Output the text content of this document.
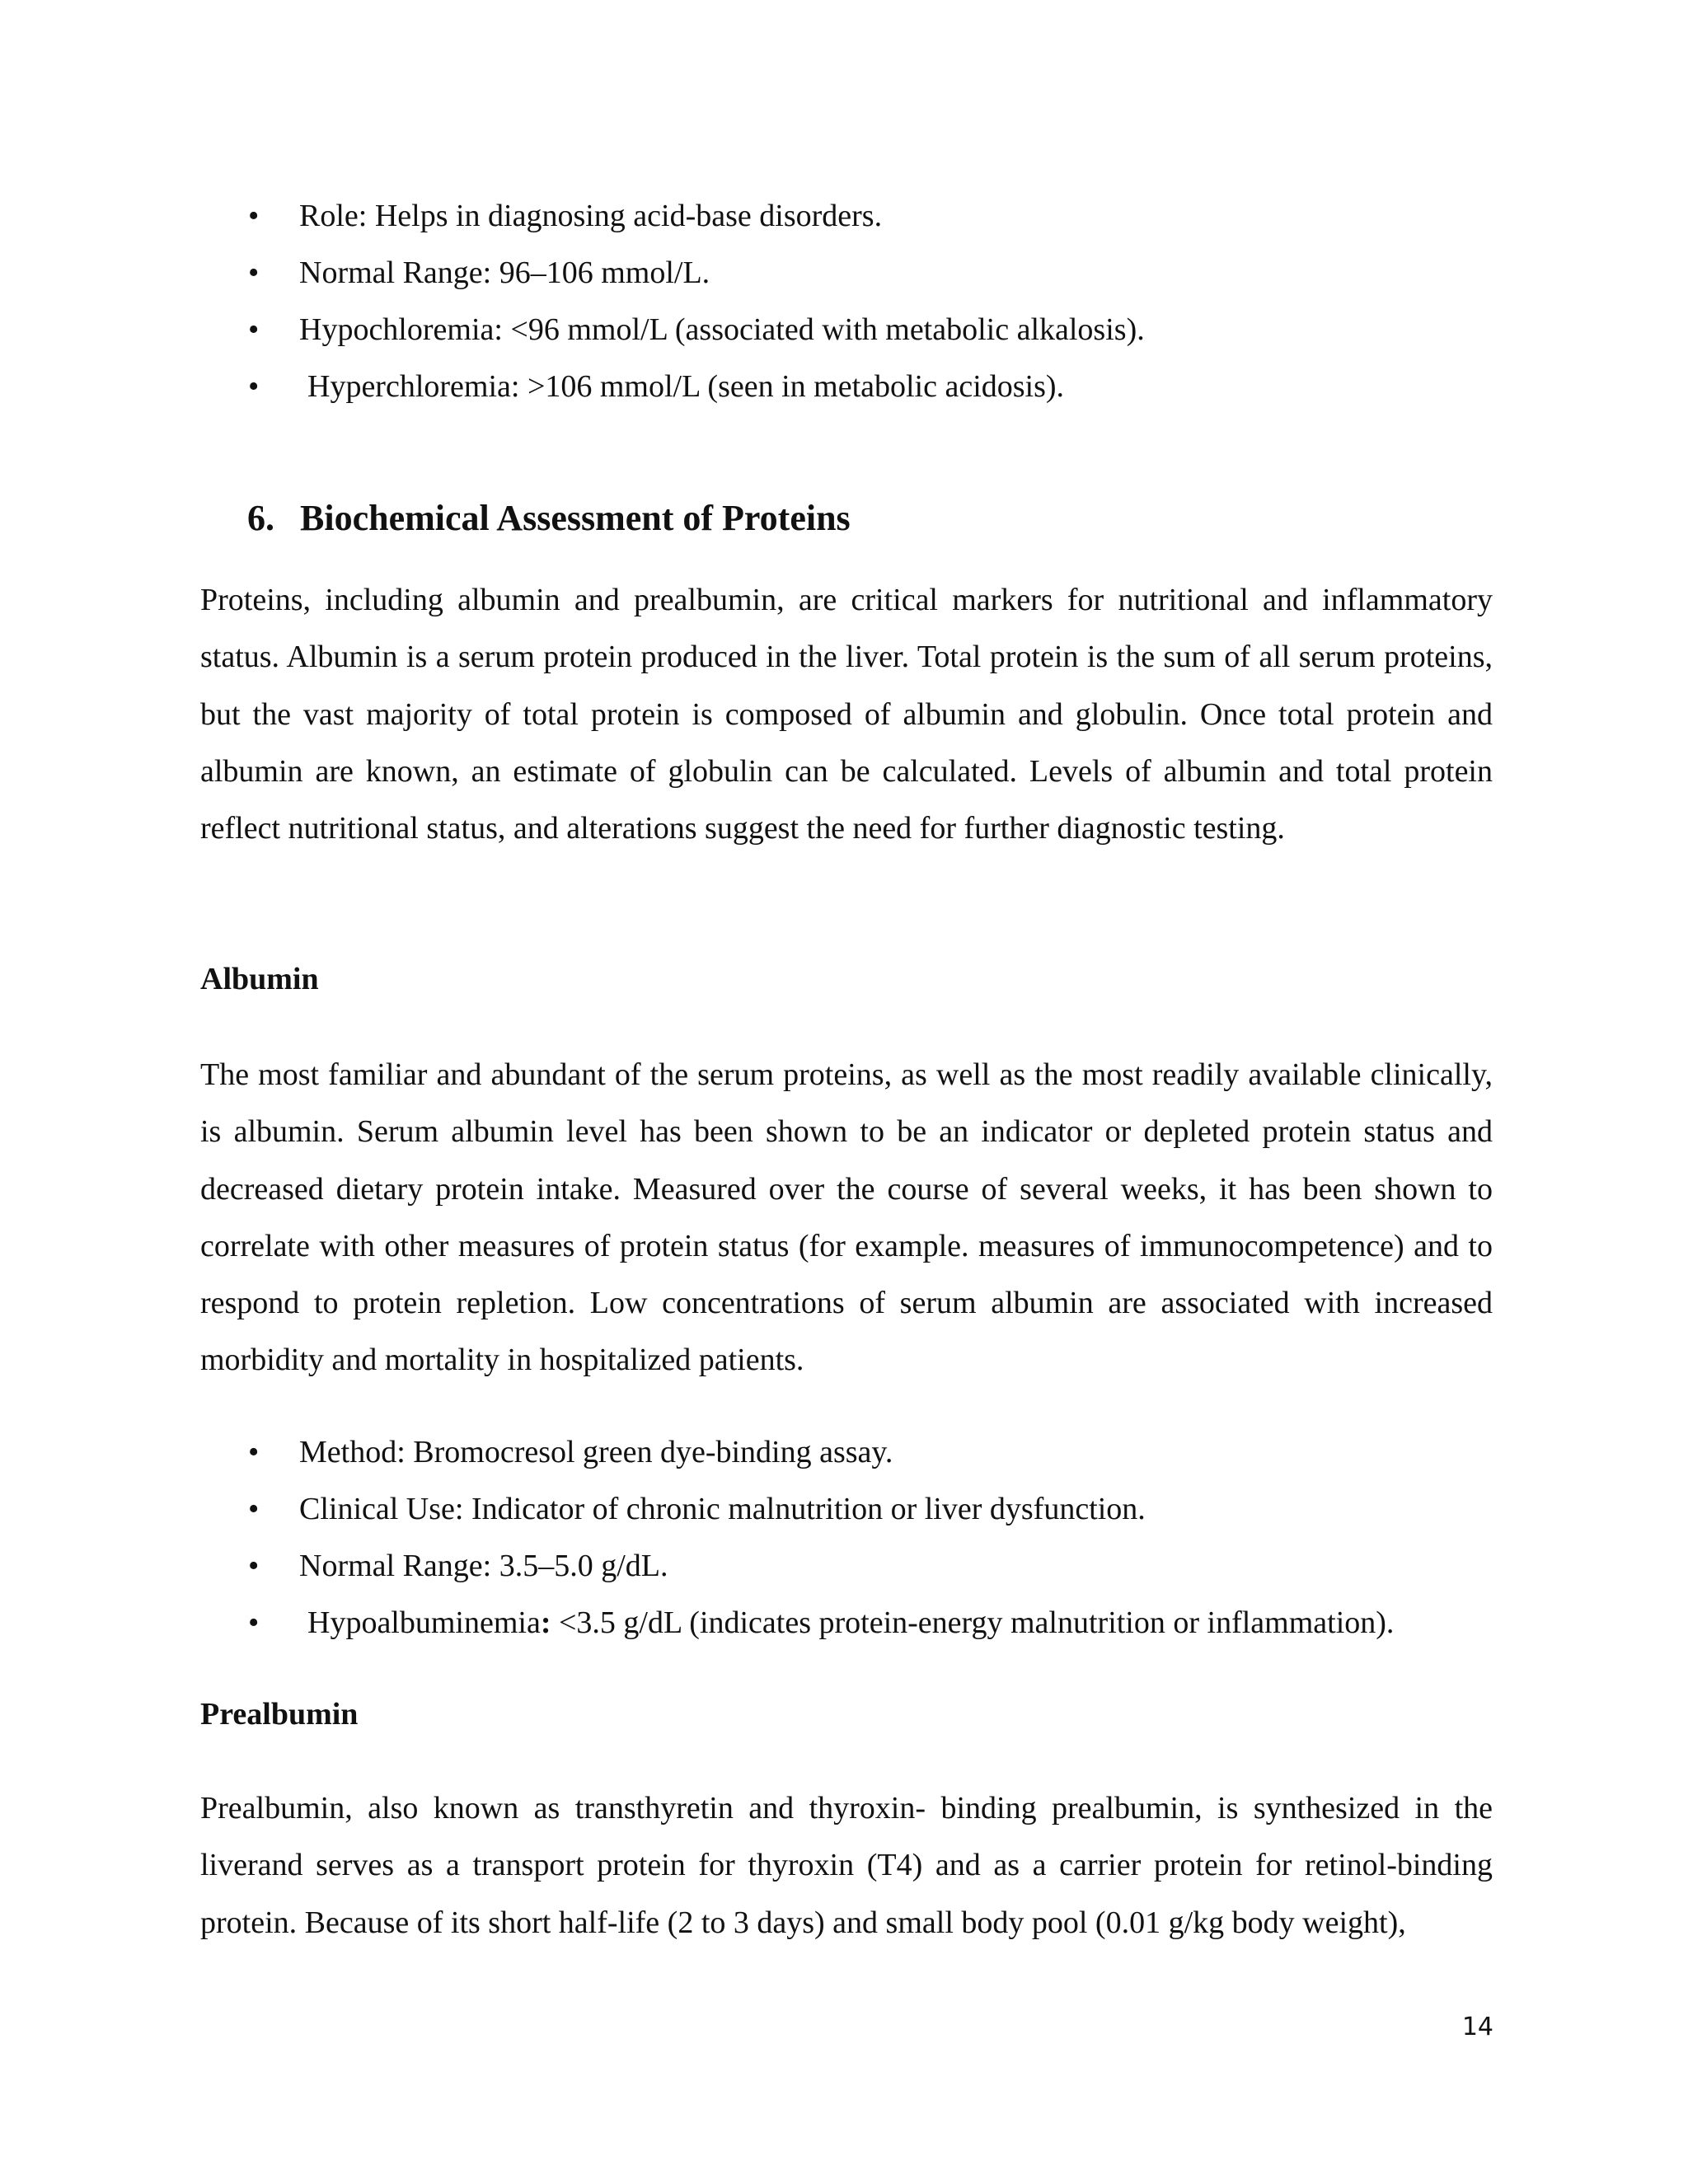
• Role: Helps in diagnosing acid-base disorders.
• Normal Range: 96–106 mmol/L.
• Hypochloremia: <96 mmol/L (associated with metabolic alkalosis).
• Hyperchloremia: >106 mmol/L (seen in metabolic acidosis).
6. Biochemical Assessment of Proteins

Proteins, including albumin and prealbumin, are critical markers for nutritional and inflammatory status. Albumin is a serum protein produced in the liver. Total protein is the sum of all serum proteins, but the vast majority of total protein is composed of albumin and globulin. Once total protein and albumin are known, an estimate of globulin can be calculated. Levels of albumin and total protein reflect nutritional status, and alterations suggest the need for further diagnostic testing.

Albumin

The most familiar and abundant of the serum proteins, as well as the most readily available clinically, is albumin. Serum albumin level has been shown to be an indicator or depleted protein status and decreased dietary protein intake. Measured over the course of several weeks, it has been shown to correlate with other measures of protein status (for example. measures of immunocompetence) and to respond to protein repletion. Low concentrations of serum albumin are associated with increased morbidity and mortality in hospitalized patients.

• Method: Bromocresol green dye-binding assay.
• Clinical Use: Indicator of chronic malnutrition or liver dysfunction.
• Normal Range: 3.5–5.0 g/dL.
• Hypoalbuminemia: <3.5 g/dL (indicates protein-energy malnutrition or inflammation).
Prealbumin

Prealbumin, also known as transthyretin and thyroxin- binding prealbumin, is synthesized in the liverand serves as a transport protein for thyroxin (T4) and as a carrier protein for retinol-binding protein. Because of its short half-life (2 to 3 days) and small body pool (0.01 g/kg body weight),

14
